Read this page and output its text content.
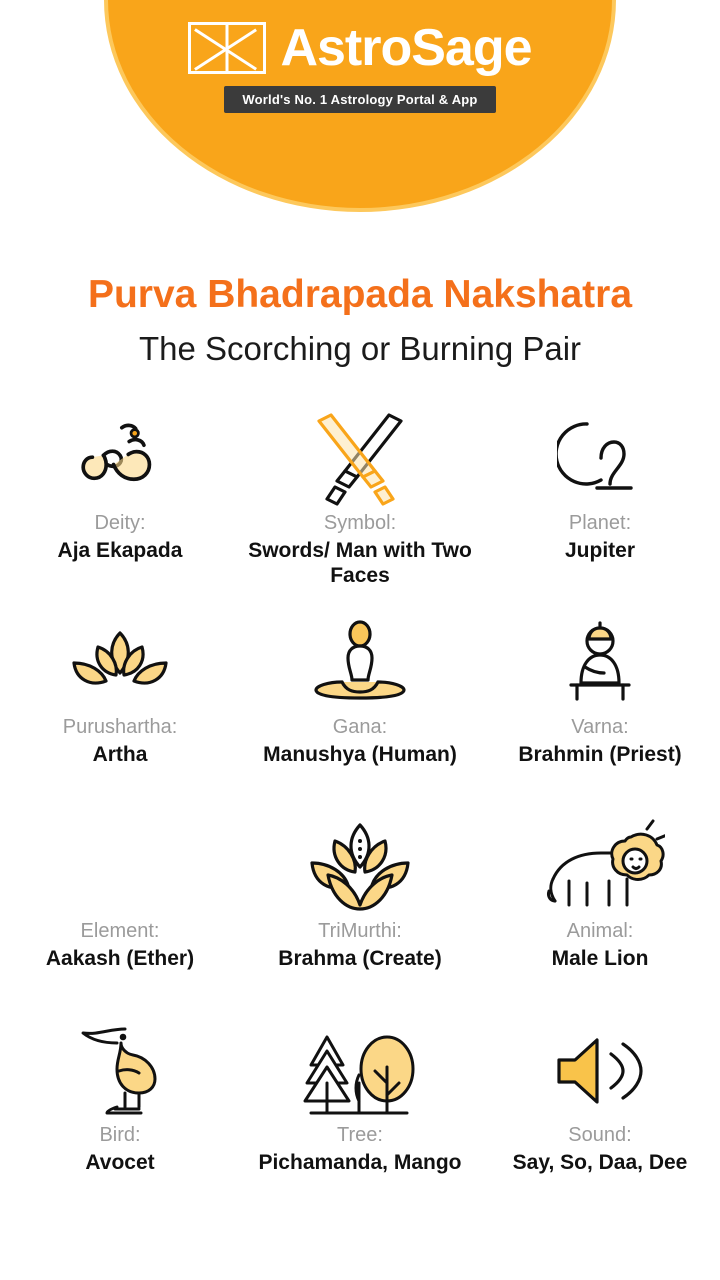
AstroSage
World's No. 1 Astrology Portal & App
Purva Bhadrapada Nakshatra
The Scorching or Burning Pair
Deity:
Aja Ekapada
Symbol:
Swords/ Man with Two Faces
Planet:
Jupiter
Purushartha:
Artha
Gana:
Manushya (Human)
Varna:
Brahmin (Priest)
Element:
Aakash (Ether)
TriMurthi:
Brahma (Create)
Animal:
Male Lion
Bird:
Avocet
Tree:
Pichamanda, Mango
Sound:
Say, So, Daa, Dee
